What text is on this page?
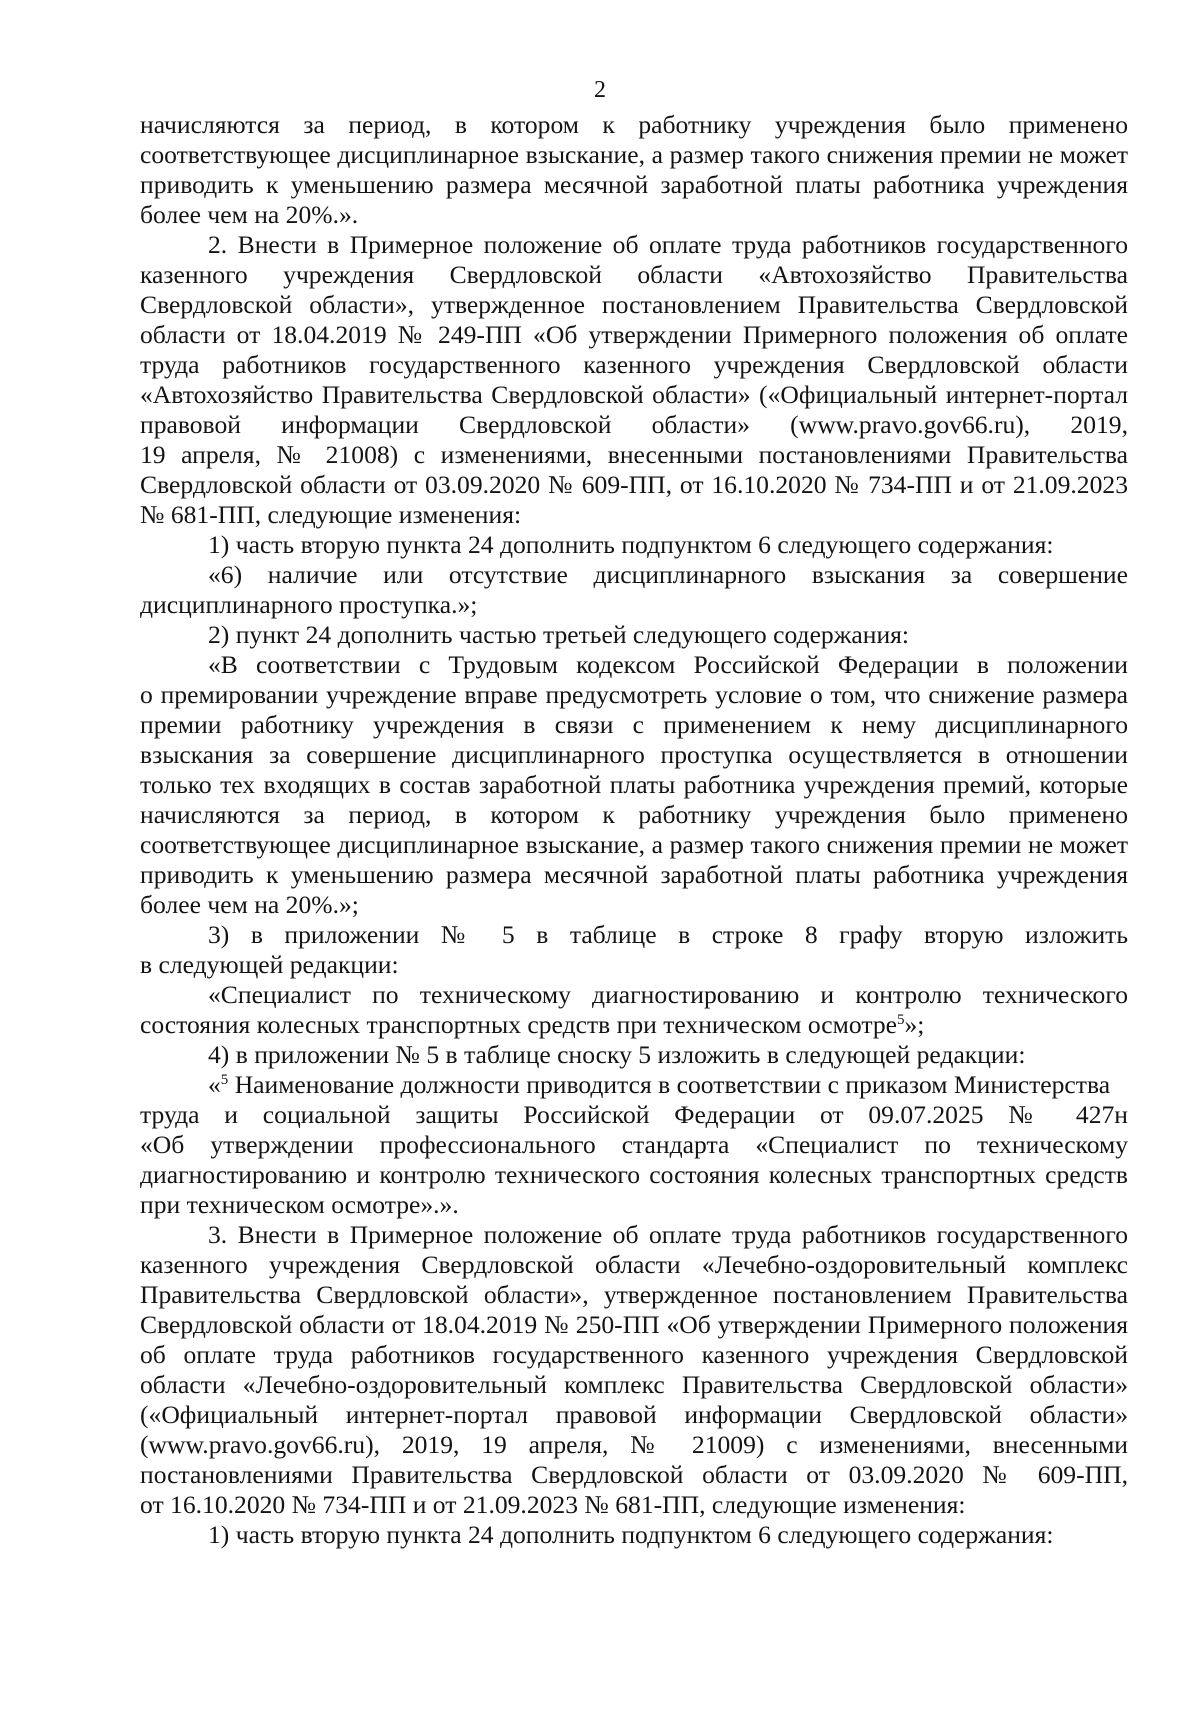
2
начисляются за период, в котором к работнику учреждения было применено
соответствующее дисциплинарное взыскание, а размер такого снижения премии не может
приводить к уменьшению размера месячной заработной платы работника учреждения
более чем на 20%.».
2. Внести в Примерное положение об оплате труда работников государственного
казенного учреждения Свердловской области «Автохозяйство Правительства
Свердловской области», утвержденное постановлением Правительства Свердловской
области от 18.04.2019 № 249-ПП «Об утверждении Примерного положения об оплате
труда работников государственного казенного учреждения Свердловской области
«Автохозяйство Правительства Свердловской области» («Официальный интернет-портал
правовой информации Свердловской области» (www.pravo.gov66.ru), 2019,
19 апреля, № 21008) с изменениями, внесенными постановлениями Правительства
Свердловской области от 03.09.2020 № 609-ПП, от 16.10.2020 № 734-ПП и от 21.09.2023
№ 681-ПП, следующие изменения:
1) часть вторую пункта 24 дополнить подпунктом 6 следующего содержания:
«6) наличие или отсутствие дисциплинарного взыскания за совершение
дисциплинарного проступка.»;
2) пункт 24 дополнить частью третьей следующего содержания:
«В соответствии с Трудовым кодексом Российской Федерации в положении
о премировании учреждение вправе предусмотреть условие о том, что снижение размера
премии работнику учреждения в связи с применением к нему дисциплинарного
взыскания за совершение дисциплинарного проступка осуществляется в отношении
только тех входящих в состав заработной платы работника учреждения премий, которые
начисляются за период, в котором к работнику учреждения было применено
соответствующее дисциплинарное взыскание, а размер такого снижения премии не может
приводить к уменьшению размера месячной заработной платы работника учреждения
более чем на 20%.»;
3) в приложении № 5 в таблице в строке 8 графу вторую изложить
в следующей редакции:
«Специалист по техническому диагностированию и контролю технического
состояния колесных транспортных средств при техническом осмотре$^5$»;
4) в приложении № 5 в таблице сноску 5 изложить в следующей редакции:
«$^5$ Наименование должности приводится в соответствии с приказом Министерства
труда и социальной защиты Российской Федерации от 09.07.2025 № 427н
«Об утверждении профессионального стандарта «Специалист по техническому
диагностированию и контролю технического состояния колесных транспортных средств
при техническом осмотре».».
3. Внести в Примерное положение об оплате труда работников государственного
казенного учреждения Свердловской области «Лечебно-оздоровительный комплекс
Правительства Свердловской области», утвержденное постановлением Правительства
Свердловской области от 18.04.2019 № 250-ПП «Об утверждении Примерного положения
об оплате труда работников государственного казенного учреждения Свердловской
области «Лечебно-оздоровительный комплекс Правительства Свердловской области»
(«Официальный интернет-портал правовой информации Свердловской области»
(www.pravo.gov66.ru), 2019, 19 апреля, № 21009) с изменениями, внесенными
постановлениями Правительства Свердловской области от 03.09.2020 № 609-ПП,
от 16.10.2020 № 734-ПП и от 21.09.2023 № 681-ПП, следующие изменения:
1) часть вторую пункта 24 дополнить подпунктом 6 следующего содержания:
